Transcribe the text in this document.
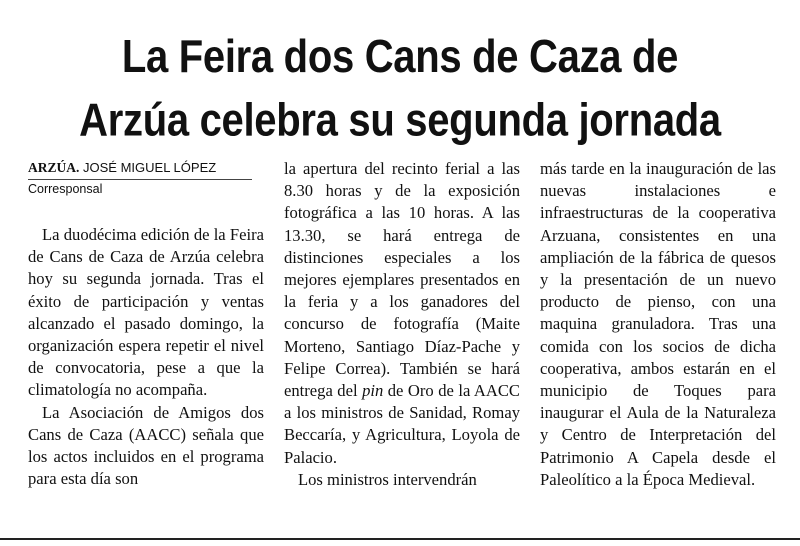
La Feira dos Cans de Caza de
Arzúa celebra su segunda jornada
ARZÚA. JOSÉ MIGUEL LÓPEZ
Corresponsal

La duodécima edición de la Feira de Cans de Caza de Arzúa celebra hoy su segunda jornada. Tras el éxito de participación y ventas alcanzado el pasado domingo, la organización espera repetir el nivel de convocatoria, pese a que la climatología no acompaña.

La Asociación de Amigos dos Cans de Caza (AACC) señala que los actos incluidos en el programa para esta día son

la apertura del recinto ferial a las 8.30 horas y de la exposición fotográfica a las 10 horas. A las 13.30, se hará entrega de distinciones especiales a los mejores ejemplares presentados en la feria y a los ganadores del concurso de fotografía (Maite Morteno, Santiago Díaz-Pache y Felipe Correa). También se hará entrega del pin de Oro de la AACC a los ministros de Sanidad, Romay Beccaría, y Agricultura, Loyola de Palacio.

Los ministros intervendrán

más tarde en la inauguración de las nuevas instalaciones e infraestructuras de la cooperativa Arzuana, consistentes en una ampliación de la fábrica de quesos y la presentación de un nuevo producto de pienso, con una maquina granuladora. Tras una comida con los socios de dicha cooperativa, ambos estarán en el municipio de Toques para inaugurar el Aula de la Naturaleza y Centro de Interpretación del Patrimonio A Capela desde el Paleolítico a la Época Medieval.
